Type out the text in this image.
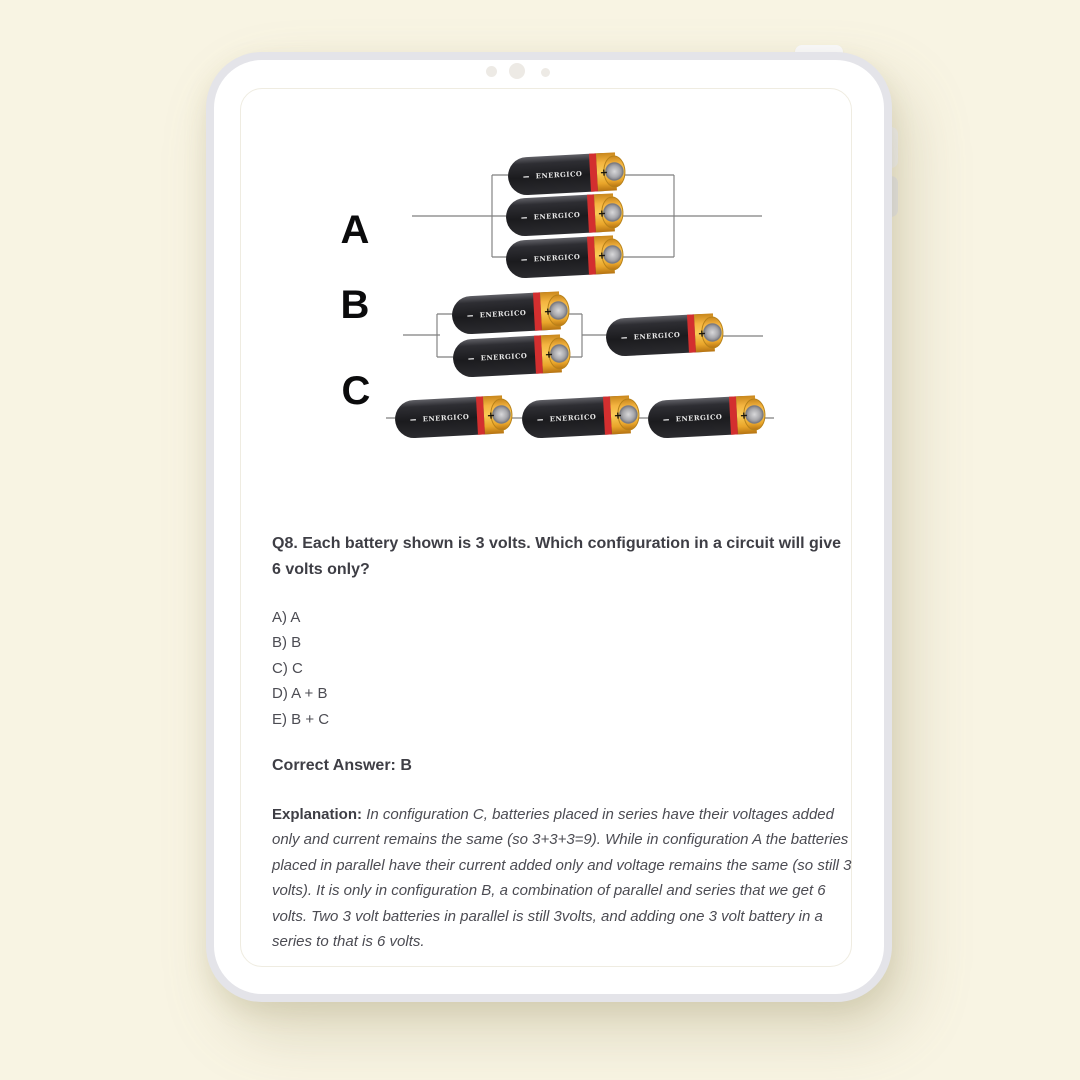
− ENERGICO	+
A
B
C
Q8. Each battery shown is 3 volts. Which configuration in a circuit will give 6 volts only?
A) A
B) B
C) C
D) A + B
E) B + C
Correct Answer: B

Explanation: In configuration C, batteries placed in series have their voltages added only and current remains the same (so 3+3+3=9). While in configuration A the batteries placed in parallel have their current added only and voltage remains the same (so still 3 volts). It is only in configuration B, a combination of parallel and series that we get 6 volts. Two 3 volt batteries in parallel is still 3volts, and adding one 3 volt battery in a series to that is 6 volts.
